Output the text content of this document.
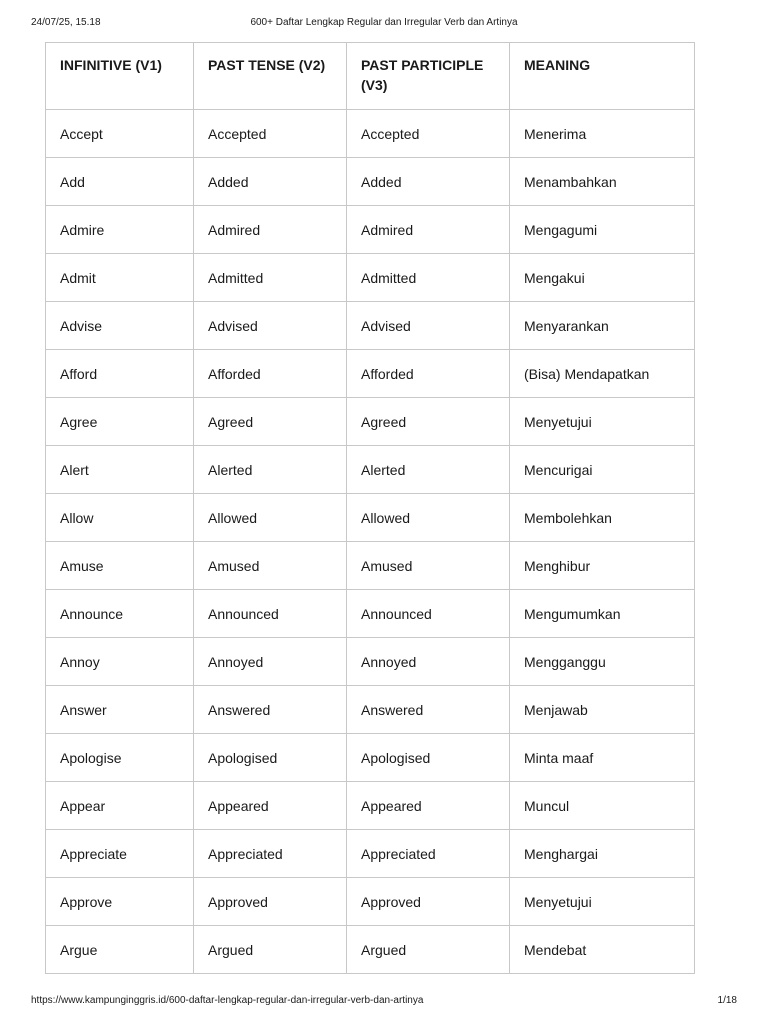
24/07/25, 15.18	600+ Daftar Lengkap Regular dan Irregular Verb dan Artinya
INFINITIVE (V1)	PAST TENSE (V2)	PAST PARTICIPLE (V3)	MEANING
Accept	Accepted	Accepted	Menerima
Add	Added	Added	Menambahkan
Admire	Admired	Admired	Mengagumi
Admit	Admitted	Admitted	Mengakui
Advise	Advised	Advised	Menyarankan
Afford	Afforded	Afforded	(Bisa) Mendapatkan
Agree	Agreed	Agreed	Menyetujui
Alert	Alerted	Alerted	Mencurigai
Allow	Allowed	Allowed	Membolehkan
Amuse	Amused	Amused	Menghibur
Announce	Announced	Announced	Mengumumkan
Annoy	Annoyed	Annoyed	Mengganggu
Answer	Answered	Answered	Menjawab
Apologise	Apologised	Apologised	Minta maaf
Appear	Appeared	Appeared	Muncul
Appreciate	Appreciated	Appreciated	Menghargai
Approve	Approved	Approved	Menyetujui
Argue	Argued	Argued	Mendebat
https://www.kampunginggris.id/600-daftar-lengkap-regular-dan-irregular-verb-dan-artinya	1/18
